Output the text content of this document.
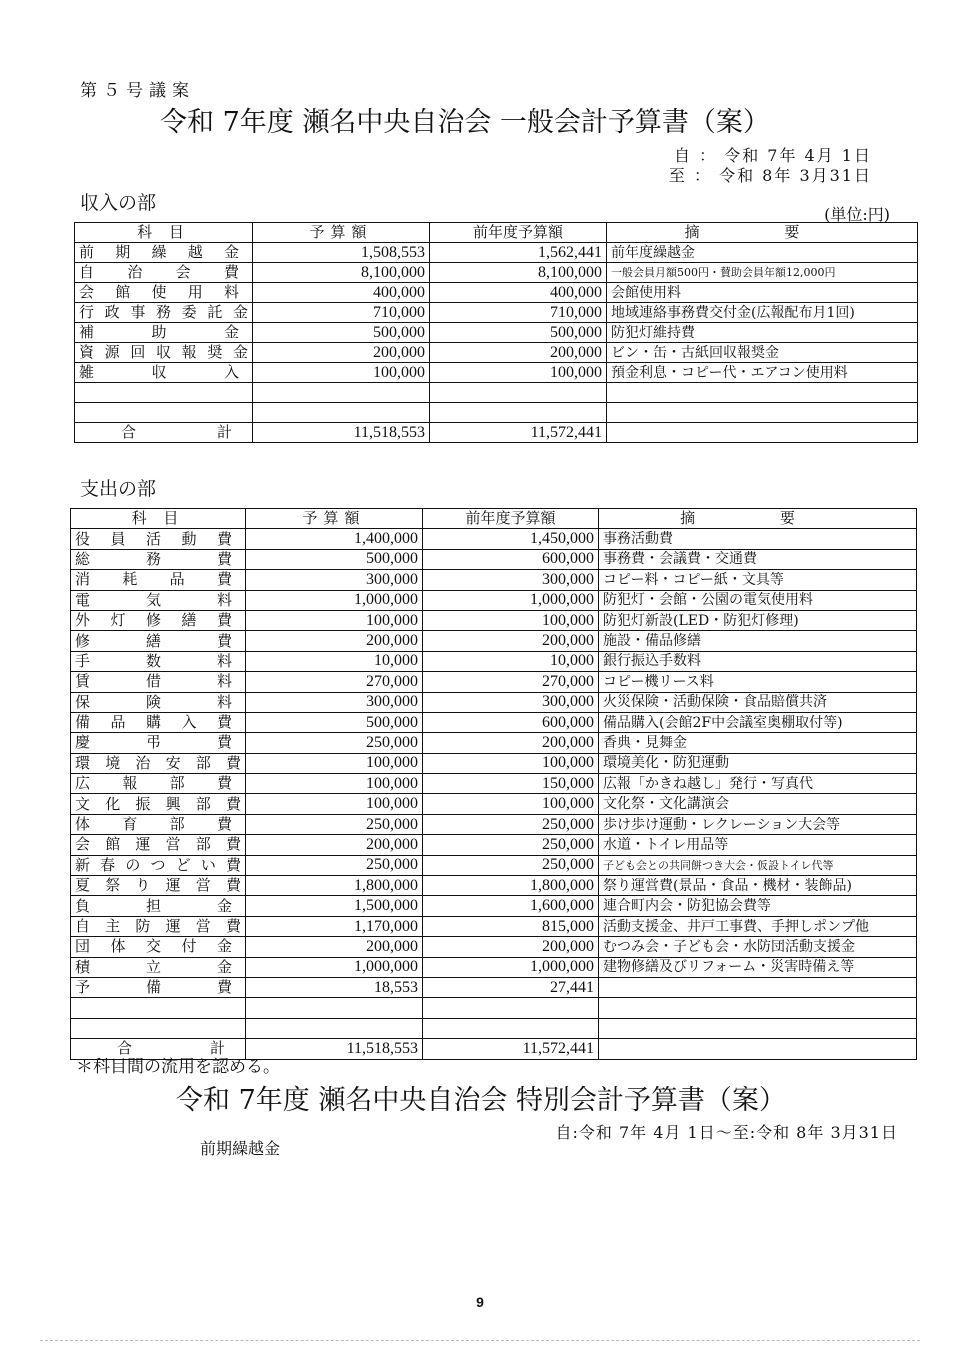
第５号議案
令和 7年度 瀬名中央自治会 一般会計予算書（案）
自 ： 令和 7年 4月 1日
至 ： 令和 8年 3月31日
収入の部
(単位:円)
科 目	予算額	前年度予算額	摘 要
前期繰越金	1,508,553	1,562,441	前年度繰越金
自治会費	8,100,000	8,100,000	一般会員月額500円・賛助会員年額12,000円
会館使用料	400,000	400,000	会館使用料
行政事務委託金	710,000	710,000	地域連絡事務費交付金(広報配布月1回)
補助金	500,000	500,000	防犯灯維持費
資源回収報奨金	200,000	200,000	ビン・缶・古紙回収報奨金
雑収入	100,000	100,000	預金利息・コピー代・エアコン使用料

合 計	11,518,553	11,572,441	
支出の部
科 目	予算額	前年度予算額	摘 要
役員活動費	1,400,000	1,450,000	事務活動費
総務費	500,000	600,000	事務費・会議費・交通費
消耗品費	300,000	300,000	コピー料・コピー紙・文具等
電気料	1,000,000	1,000,000	防犯灯・会館・公園の電気使用料
外灯修繕費	100,000	100,000	防犯灯新設(LED・防犯灯修理)
修繕費	200,000	200,000	施設・備品修繕
手数料	10,000	10,000	銀行振込手数料
賃借料	270,000	270,000	コピー機リース料
保険料	300,000	300,000	火災保険・活動保険・食品賠償共済
備品購入費	500,000	600,000	備品購入(会館2F中会議室奥棚取付等)
慶弔費	250,000	200,000	香典・見舞金
環境治安部費	100,000	100,000	環境美化・防犯運動
広報部費	100,000	150,000	広報「かきね越し」発行・写真代
文化振興部費	100,000	100,000	文化祭・文化講演会
体育部費	250,000	250,000	歩け歩け運動・レクレーション大会等
会館運営部費	200,000	250,000	水道・トイレ用品等
新春のつどい費	250,000	250,000	子ども会との共同餅つき大会・仮設トイレ代等
夏祭り運営費	1,800,000	1,800,000	祭り運営費(景品・食品・機材・装飾品)
負担金	1,500,000	1,600,000	連合町内会・防犯協会費等
自主防運営費	1,170,000	815,000	活動支援金、井戸工事費、手押しポンプ他
団体交付金	200,000	200,000	むつみ会・子ども会・水防団活動支援金
積立金	1,000,000	1,000,000	建物修繕及びリフォーム・災害時備え等
予備費	18,553	27,441	

合 計	11,518,553	11,572,441	
＊科目間の流用を認める。
令和 7年度 瀬名中央自治会 特別会計予算書（案）
自:令和 7年 4月 1日～至:令和 8年 3月31日
前期繰越金
9
